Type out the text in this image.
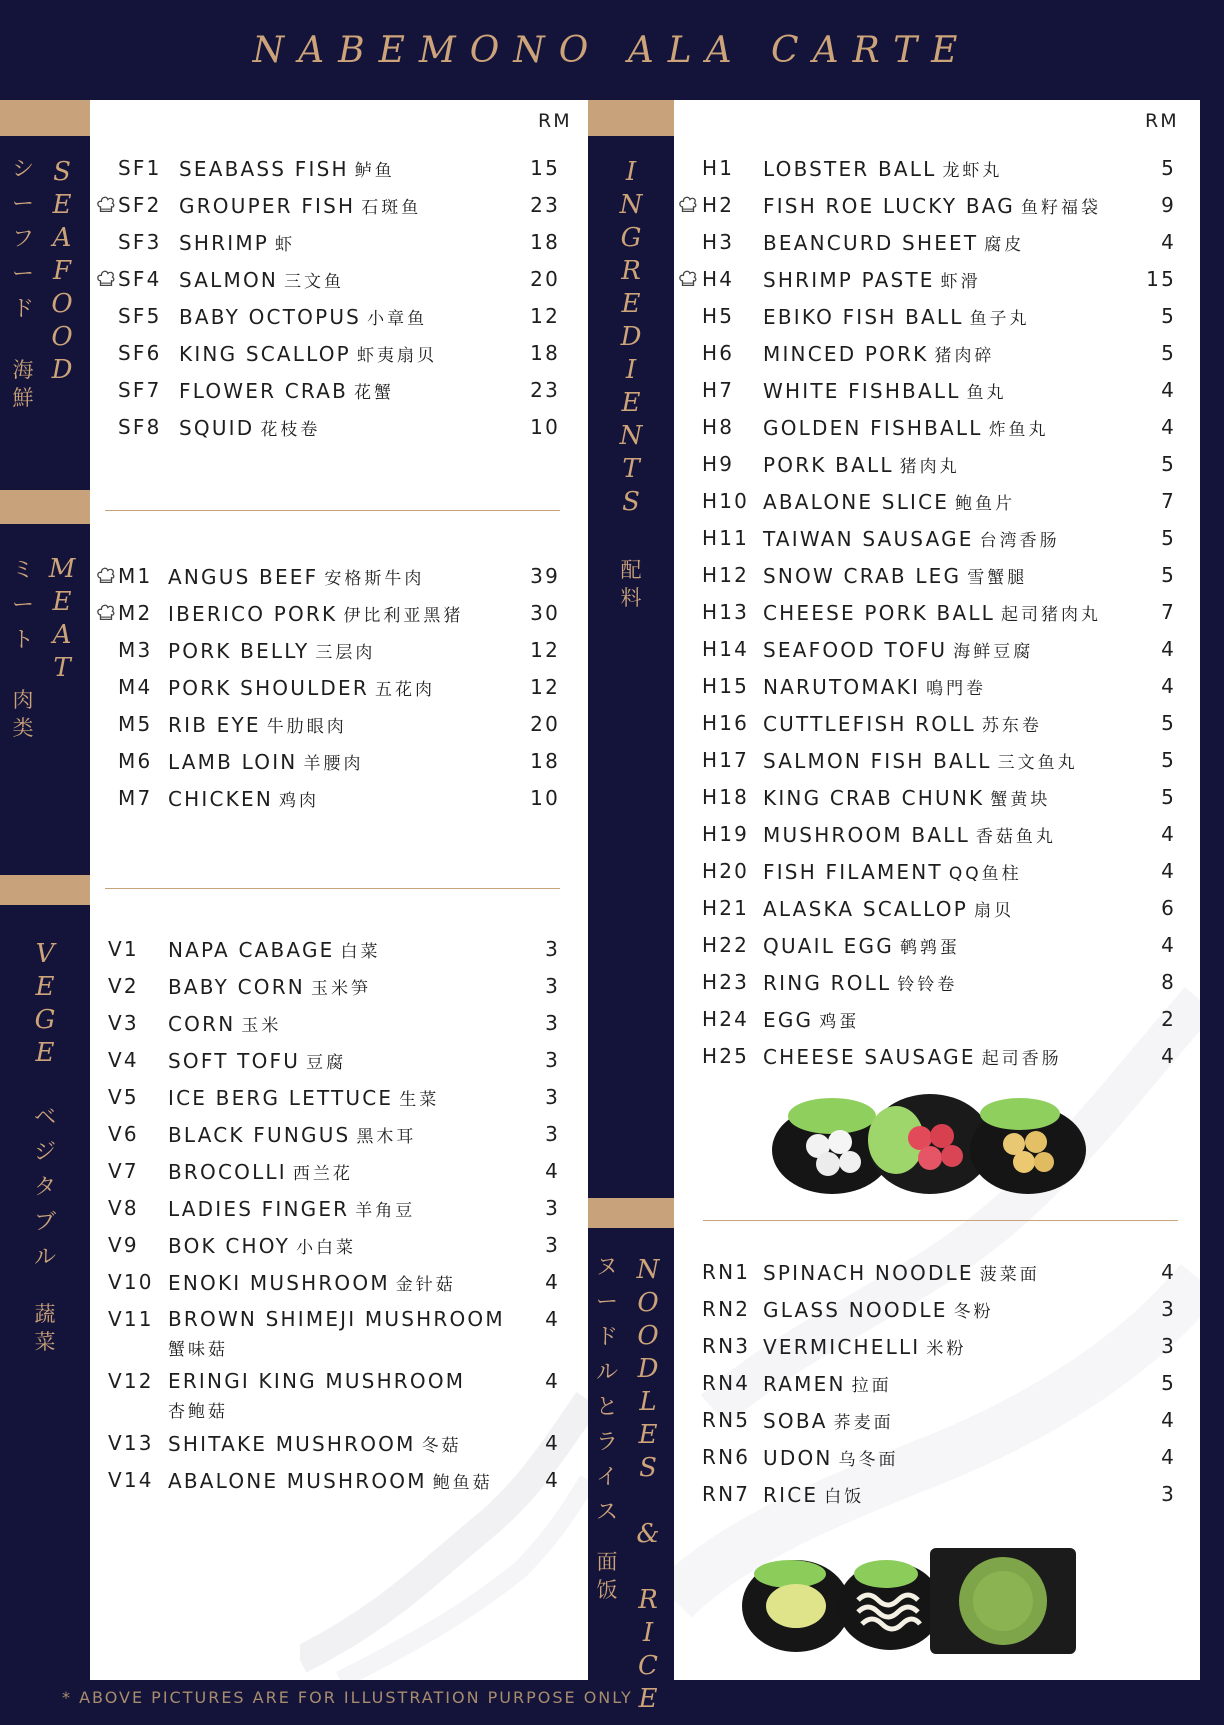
NABEMONO ALA CARTE
RM	RM
SF1 SEABASS FISH 鲈鱼	15
SF2 GROUPER FISH 石斑鱼	23
SF3 SHRIMP 虾	18
SF4 SALMON 三文鱼	20
SF5 BABY OCTOPUS 小章鱼	12
SF6 KING SCALLOP 虾夷扇贝	18
SF7 FLOWER CRAB 花蟹	23
SF8 SQUID 花枝卷	10
M1 ANGUS BEEF 安格斯牛肉	39
M2 IBERICO PORK 伊比利亚黑猪	30
M3 PORK BELLY 三层肉	12
M4 PORK SHOULDER 五花肉	12
M5 RIB EYE 牛肋眼肉	20
M6 LAMB LOIN 羊腰肉	18
M7 CHICKEN 鸡肉	10
V1 NAPA CABAGE 白菜	3
V2 BABY CORN 玉米笋	3
V3 CORN 玉米	3
V4 SOFT TOFU 豆腐	3
V5 ICE BERG LETTUCE 生菜	3
V6 BLACK FUNGUS 黑木耳	3
V7 BROCOLLI 西兰花	4
V8 LADIES FINGER 羊角豆	3
V9 BOK CHOY 小白菜	3
V10 ENOKI MUSHROOM 金针菇	4
V11 BROWN SHIMEJI MUSHROOM
蟹味菇
4
V12 ERINGI KING MUSHROOM
杏鲍菇
4
V13 SHITAKE MUSHROOM 冬菇	4
V14 ABALONE MUSHROOM 鲍鱼菇	4
H1 LOBSTER BALL 龙虾丸	5
H2 FISH ROE LUCKY BAG 鱼籽福袋	9
H3 BEANCURD SHEET 腐皮	4
H4 SHRIMP PASTE 虾滑	15
H5 EBIKO FISH BALL 鱼子丸	5
H6 MINCED PORK 猪肉碎	5
H7 WHITE FISHBALL 鱼丸	4
H8 GOLDEN FISHBALL 炸鱼丸	4
H9 PORK BALL 猪肉丸	5
H10 ABALONE SLICE 鲍鱼片	7
H11 TAIWAN SAUSAGE 台湾香肠	5
H12 SNOW CRAB LEG 雪蟹腿	5
H13 CHEESE PORK BALL 起司猪肉丸	7
H14 SEAFOOD TOFU 海鲜豆腐	4
H15 NARUTOMAKI 鳴門巻	4
H16 CUTTLEFISH ROLL 苏东卷	5
H17 SALMON FISH BALL 三文鱼丸	5
H18 KING CRAB CHUNK 蟹黄块	5
H19 MUSHROOM BALL 香菇鱼丸	4
H20 FISH FILAMENT QQ鱼柱	4
H21 ALASKA SCALLOP 扇贝	6
H22 QUAIL EGG 鹌鹑蛋	4
H23 RING ROLL 铃铃卷	8
H24 EGG 鸡蛋	2
H25 CHEESE SAUSAGE 起司香肠	4
RN1 SPINACH NOODLE 菠菜面	4
RN2 GLASS NOODLE 冬粉	3
RN3 VERMICHELLI 米粉	3
RN4 RAMEN 拉面	5
RN5 SOBA 荞麦面	4
RN6 UDON 乌冬面	4
RN7 RICE 白饭	3
シ
ー
フ
ー
ド
S
E
A
F
O
O
D
海
鮮
ミ
ー
ト
M
E
A
T
肉
类
V
E
G
E
ベ
ジ
タ
ブ
ル
蔬
菜
I
N
G
R
E
D
I
E
N
T
S
配
料
ヌ
ー
ド
ル
と
ラ
イ
ス
N
O
O
D
L
E
S

&

R
I
C
E
面
饭
* ABOVE PICTURES ARE FOR ILLUSTRATION PURPOSE ONLY
